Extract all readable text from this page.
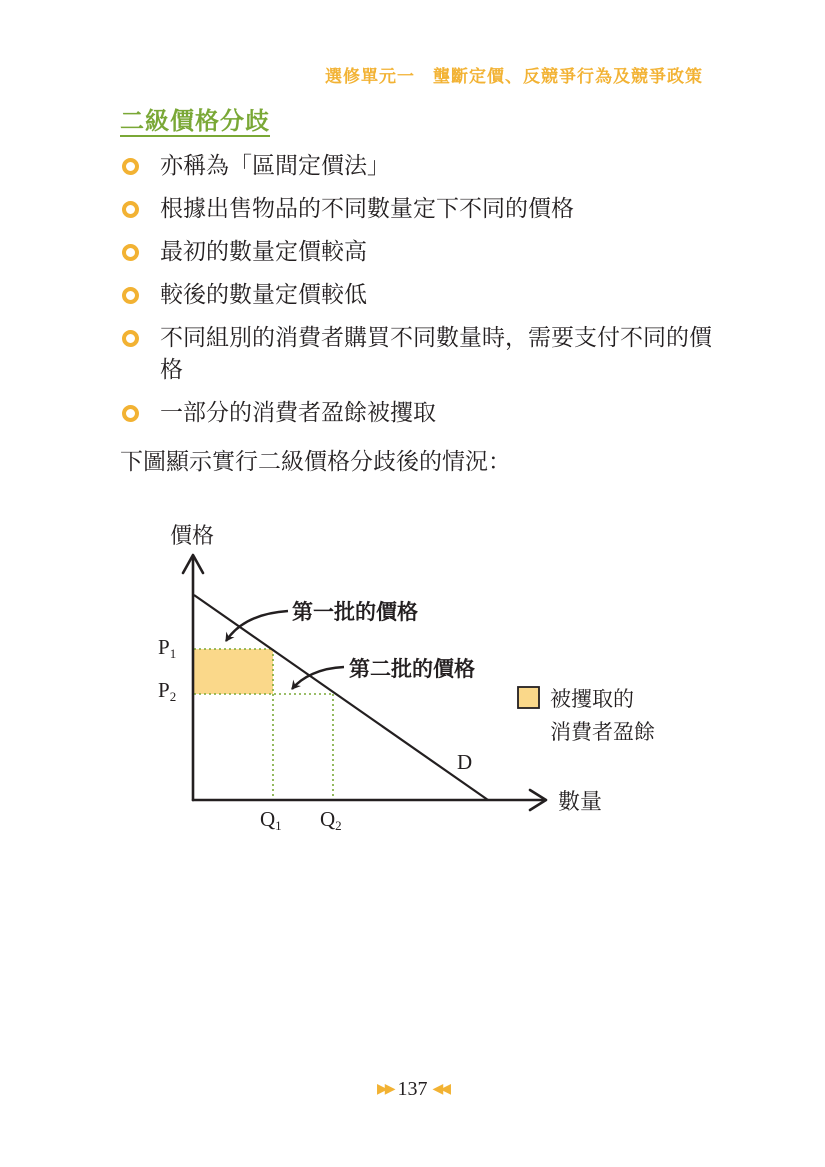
選修單元一　壟斷定價、反競爭行為及競爭政策
二級價格分歧
亦稱為「區間定價法」
根據出售物品的不同數量定下不同的價格
最初的數量定價較高
較後的數量定價較低
不同組別的消費者購買不同數量時，需要支付不同的價格
一部分的消費者盈餘被攫取
下圖顯示實行二級價格分歧後的情況：
價格
數量
D
P1
P2
Q1 Q2
第一批的價格
第二批的價格
被攫取的
消費者盈餘
▶▶ 137 ◀◀
